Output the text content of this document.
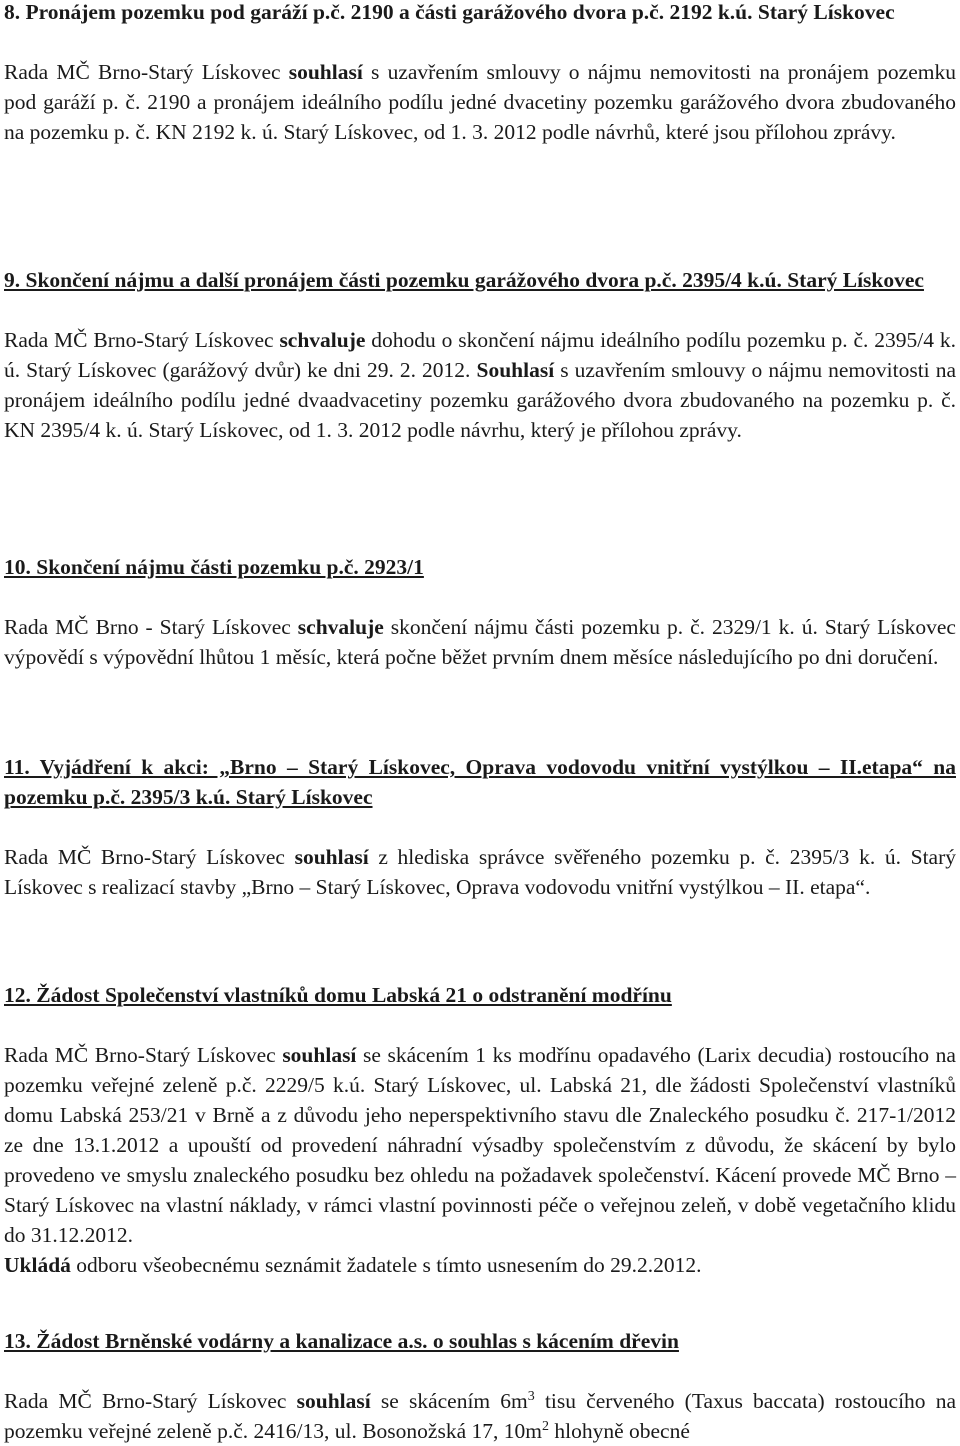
8. Pronájem pozemku pod garáží p.č. 2190 a části garážového dvora p.č. 2192 k.ú. Starý Lískovec

Rada MČ Brno-Starý Lískovec souhlasí s uzavřením smlouvy o nájmu nemovitosti na pronájem pozemku pod garáží p. č. 2190 a pronájem ideálního podílu jedné dvacetiny pozemku garážového dvora zbudovaného na pozemku p. č. KN 2192 k. ú. Starý Lískovec, od 1. 3. 2012 podle návrhů, které jsou přílohou zprávy.

9. Skončení nájmu a další pronájem části pozemku garážového dvora p.č. 2395/4 k.ú. Starý Lískovec

Rada MČ Brno-Starý Lískovec schvaluje dohodu o skončení nájmu ideálního podílu pozemku p. č. 2395/4 k. ú. Starý Lískovec (garážový dvůr) ke dni 29. 2. 2012. Souhlasí s uzavřením smlouvy o nájmu nemovitosti na pronájem ideálního podílu jedné dvaadvacetiny pozemku garážového dvora zbudovaného na pozemku p. č. KN 2395/4 k. ú. Starý Lískovec, od 1. 3. 2012 podle návrhu, který je přílohou zprávy.

10. Skončení nájmu části pozemku p.č. 2923/1

Rada MČ Brno - Starý Lískovec schvaluje skončení nájmu části pozemku p. č. 2329/1 k. ú. Starý Lískovec výpovědí s výpovědní lhůtou 1 měsíc, která počne běžet prvním dnem měsíce následujícího po dni doručení.

11. Vyjádření k akci: „Brno – Starý Lískovec, Oprava vodovodu vnitřní vystýlkou – II.etapa“ na pozemku p.č. 2395/3 k.ú. Starý Lískovec

Rada MČ Brno-Starý Lískovec souhlasí z hlediska správce svěřeného pozemku p. č. 2395/3 k. ú. Starý Lískovec s realizací stavby „Brno – Starý Lískovec, Oprava vodovodu vnitřní vystýlkou – II. etapa“.

12. Žádost Společenství vlastníků domu Labská 21 o odstranění modřínu

Rada MČ Brno-Starý Lískovec souhlasí se skácením 1 ks modřínu opadavého (Larix decudia) rostoucího na pozemku veřejné zeleně p.č. 2229/5 k.ú. Starý Lískovec, ul. Labská 21, dle žádosti Společenství vlastníků domu Labská 253/21 v Brně a z důvodu jeho neperspektivního stavu dle Znaleckého posudku č. 217-1/2012 ze dne 13.1.2012 a upouští od provedení náhradní výsadby společenstvím z důvodu, že skácení by bylo provedeno ve smyslu znaleckého posudku bez ohledu na požadavek společenství. Kácení provede MČ Brno – Starý Lískovec na vlastní náklady, v rámci vlastní povinnosti péče o veřejnou zeleň, v době vegetačního klidu do 31.12.2012.

Ukládá odboru všeobecnému seznámit žadatele s tímto usnesením do 29.2.2012.

13. Žádost Brněnské vodárny a kanalizace a.s. o souhlas s kácením dřevin

Rada MČ Brno-Starý Lískovec souhlasí se skácením $6m^3$ tisu červeného (Taxus baccata) rostoucího na pozemku veřejné zeleně p.č. 2416/13, ul. Bosonožská 17, $10m^2$ hlohyně obecné
